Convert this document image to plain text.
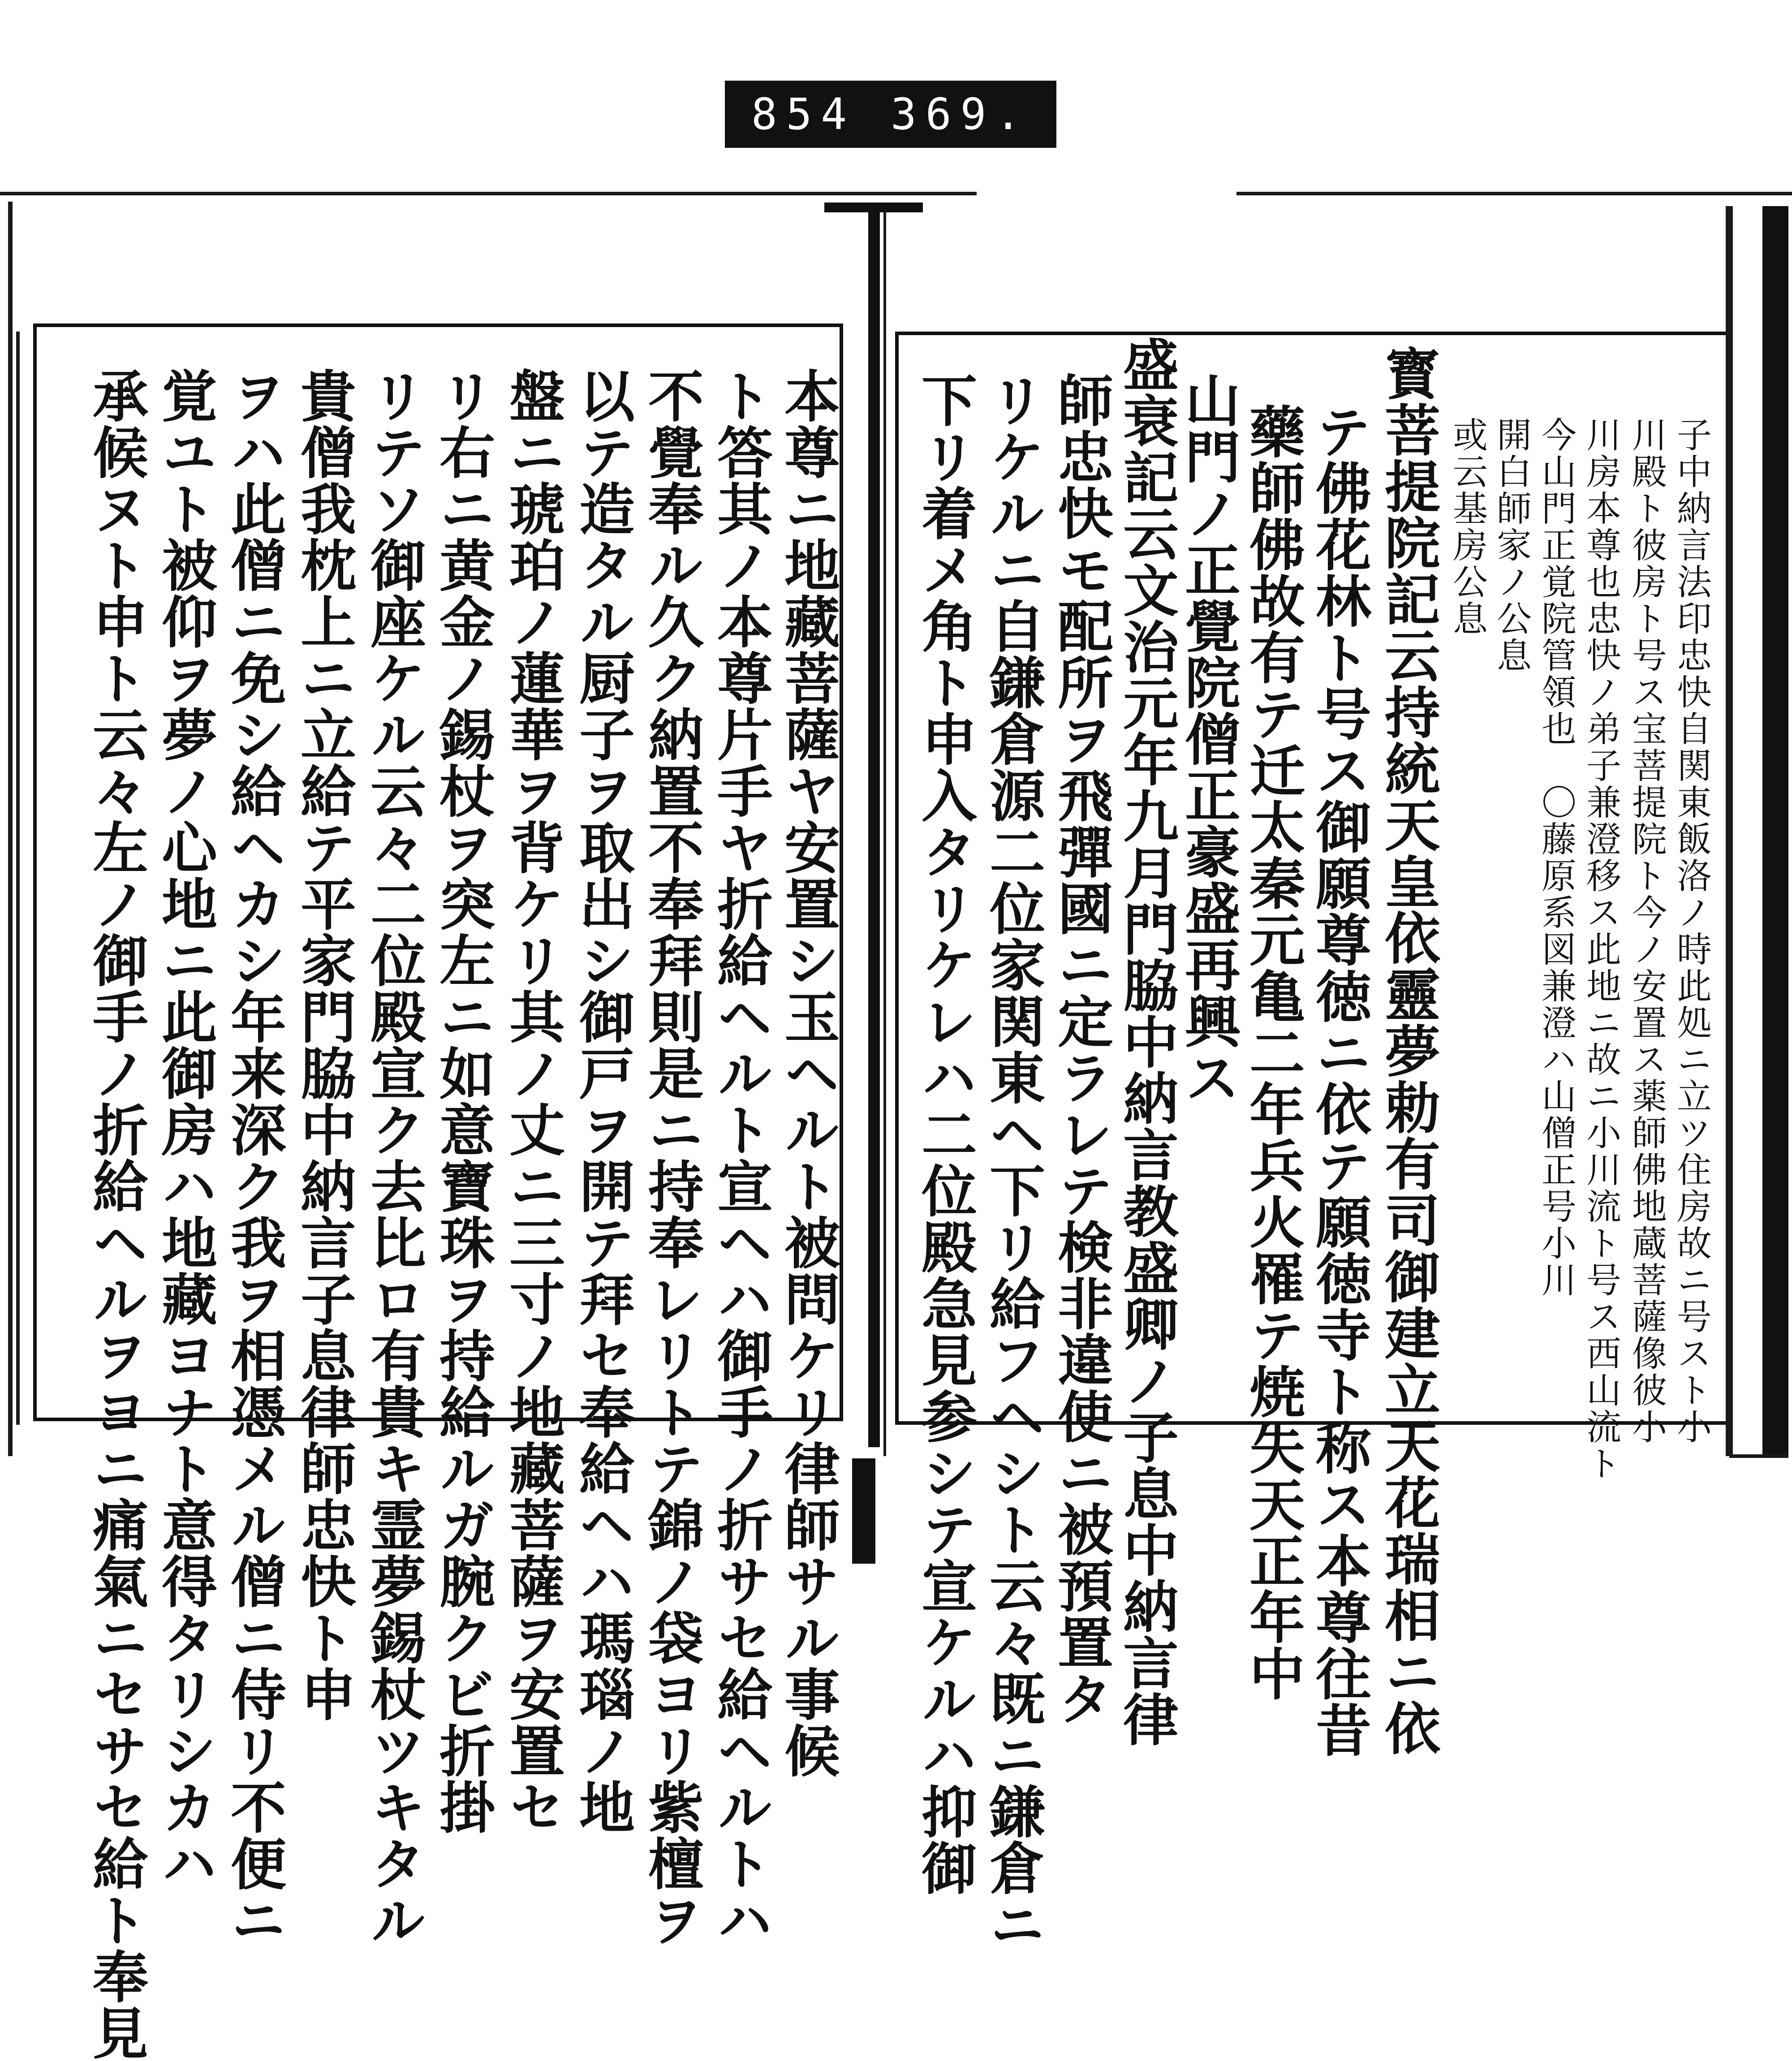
854 369.
子中納言法印忠快自関東飯洛ノ時此処ニ立ツ住房故ニ号スト小
川殿ト彼房ト号ス宝菩提院ト今ノ安置ス薬師佛地蔵菩薩像彼小
川房本尊也忠快ノ弟子兼澄移ス此地ニ故ニ小川流ト号ス西山流ト
今山門正覚院管領也　〇藤原系図兼澄ハ山僧正号小川
開白師家ノ公息
或云基房公息
寳菩提院記云持統天皇依靈夢勅有司御建立天花瑞相ニ依
テ佛花林ト号ス御願尊徳ニ依テ願徳寺ト称ス本尊往昔
藥師佛故有テ迁太秦元亀二年兵火罹テ焼失天正年中
山門ノ正覺院僧正豪盛再興ス
盛衰記云文治元年九月門脇中納言教盛卿ノ子息中納言律
師忠快モ配所ヲ飛彈國ニ定ラレテ検非違使ニ被預置タ
リケルニ自鎌倉源二位家関東ヘ下リ給フヘシト云々既ニ鎌倉ニ
下リ着メ角ト申入タリケレハ二位殿急見参シテ宣ケルハ抑御
本尊ニ地藏菩薩ヤ安置シ玉ヘルト被問ケリ律師サル事候
ト答其ノ本尊片手ヤ折給ヘルト宣ヘハ御手ノ折サセ給ヘルトハ
不覺奉ル久ク納置不奉拜則是ニ持奉レリトテ錦ノ袋ヨリ紫檀ヲ
以テ造タル厨子ヲ取出シ御戸ヲ開テ拜セ奉給ヘハ瑪瑙ノ地
盤ニ琥珀ノ蓮華ヲ背ケリ其ノ丈ニ三寸ノ地藏菩薩ヲ安置セ
リ右ニ黄金ノ錫杖ヲ突左ニ如意寶珠ヲ持給ルガ腕クビ折掛
リテソ御座ケル云々二位殿宣ク去比ロ有貴キ霊夢錫杖ツキタル
貴僧我枕上ニ立給テ平家門脇中納言子息律師忠快ト申
ヲハ此僧ニ免シ給ヘカシ年来深ク我ヲ相憑メル僧ニ侍リ不便ニ
覚ユト被仰ヲ夢ノ心地ニ此御房ハ地藏ヨナト意得タリシカハ
承候ヌト申ト云々左ノ御手ノ折給ヘルヲヨニ痛氣ニセサセ給ト奉見
